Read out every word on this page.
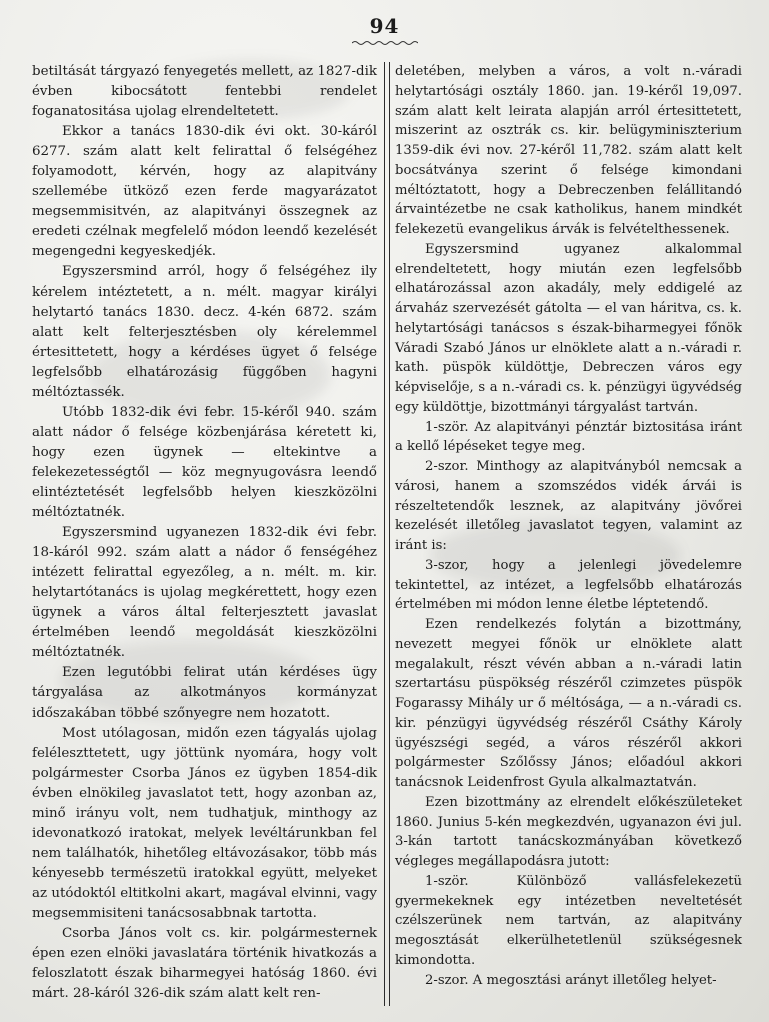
94

betiltását tárgyazó fenyegetés mellett, az 1827-dik évben kibocsátott fentebbi rendelet foganatositása ujolag elrendeltetett.

Ekkor a tanács 1830-dik évi okt. 30-káról 6277. szám alatt kelt felirattal ő felségéhez folyamodott, kérvén, hogy az alapitvány szellemébe ütköző ezen ferde magyarázatot megsemmisitvén, az alapitványi összegnek az eredeti czélnak megfelelő módon leendő kezelését megengedni kegyeskedjék.

Egyszersmind arról, hogy ő felségéhez ily kérelem intéztetett, a n. mélt. magyar királyi helytartó tanács 1830. decz. 4-kén 6872. szám alatt kelt felterjesztésben oly kérelemmel értesittetett, hogy a kérdéses ügyet ő felsége legfelsőbb elhatározásig függőben hagyni méltóztassék.

Utóbb 1832-dik évi febr. 15-kéről 940. szám alatt nádor ő felsége közbenjárása kéretett ki, hogy ezen ügynek — eltekintve a felekezetességtől — köz megnyugovásra leendő elintéztetését legfelsőbb helyen kieszközölni méltóztatnék.

Egyszersmind ugyanezen 1832-dik évi febr. 18-káról 992. szám alatt a nádor ő fenségéhez intézett felirattal egyezőleg, a n. mélt. m. kir. helytartótanács is ujolag megkérettett, hogy ezen ügynek a város által felterjesztett javaslat értelmében leendő megoldását kieszközölni méltóztatnék.

Ezen legutóbbi felirat után kérdéses ügy tárgyalása az alkotmányos kormányzat időszakában többé szőnyegre nem hozatott.

Most utólagosan, midőn ezen tágyalás ujolag feléleszttetett, ugy jöttünk nyomára, hogy volt polgármester Csorba János ez ügyben 1854-dik évben elnökileg javaslatot tett, hogy azonban az, minő irányu volt, nem tudhatjuk, minthogy az idevonatkozó iratokat, melyek levéltárunkban fel nem találhatók, hihetőleg eltávozásakor, több más kényesebb természetü iratokkal együtt, melyeket az utódoktól eltitkolni akart, magával elvinni, vagy megsemmisiteni tanácsosabbnak tartotta.

Csorba János volt cs. kir. polgármesternek épen ezen elnöki javaslatára történik hivatkozás a feloszlatott észak biharmegyei hatóság 1860. évi márt. 28-káról 326-dik szám alatt kelt ren-

deletében, melyben a város, a volt n.-váradi helytartósági osztály 1860. jan. 19-kéről 19,097. szám alatt kelt leirata alapján arról értesittetett, miszerint az osztrák cs. kir. belügyminiszterium 1359-dik évi nov. 27-kéről 11,782. szám alatt kelt bocsátványa szerint ő felsége kimondani méltóztatott, hogy a Debreczenben felállitandó árvaintézetbe ne csak katholikus, hanem mindkét felekezetü evangelikus árvák is felvételthessenek.

Egyszersmind ugyanez alkalommal elrendeltetett, hogy miután ezen legfelsőbb elhatározással azon akadály, mely eddigelé az árvaház szervezését gátolta — el van háritva, cs. k. helytartósági tanácsos s észak-biharmegyei főnök Váradi Szabó János ur elnöklete alatt a n.-váradi r. kath. püspök küldöttje, Debreczen város egy képviselője, s a n.-váradi cs. k. pénzügyi ügyvédség egy küldöttje, bizottmányi tárgyalást tartván.

1-ször. Az alapitványi pénztár biztositása iránt a kellő lépéseket tegye meg.

2-szor. Minthogy az alapitványból nemcsak a városi, hanem a szomszédos vidék árvái is részeltetendők lesznek, az alapitvány jövőrei kezelését illetőleg javaslatot tegyen, valamint az iránt is:

3-szor, hogy a jelenlegi jövedelemre tekintettel, az intézet, a legfelsőbb elhatározás értelmében mi módon lenne életbe léptetendő.

Ezen rendelkezés folytán a bizottmány, nevezett megyei főnök ur elnöklete alatt megalakult, részt vévén abban a n.-váradi latin szertartásu püspökség részéről czimzetes püspök Fogarassy Mihály ur ő méltósága, — a n.-váradi cs. kir. pénzügyi ügyvédség részéről Csáthy Károly ügyészségi segéd, a város részéről akkori polgármester Szőlőssy János; előadóul akkori tanácsnok Leidenfrost Gyula alkalmaztatván.

Ezen bizottmány az elrendelt előkészületeket 1860. Junius 5-kén megkezdvén, ugyanazon évi jul. 3-kán tartott tanácskozmányában következő végleges megállapodásra jutott:

1-ször. Különböző vallásfelekezetü gyermekeknek egy intézetben neveltetését czélszerünek nem tartván, az alapitvány megosztását elkerülhetetlenül szükségesnek kimondotta.

2-szor. A megosztási arányt illetőleg helyet-
